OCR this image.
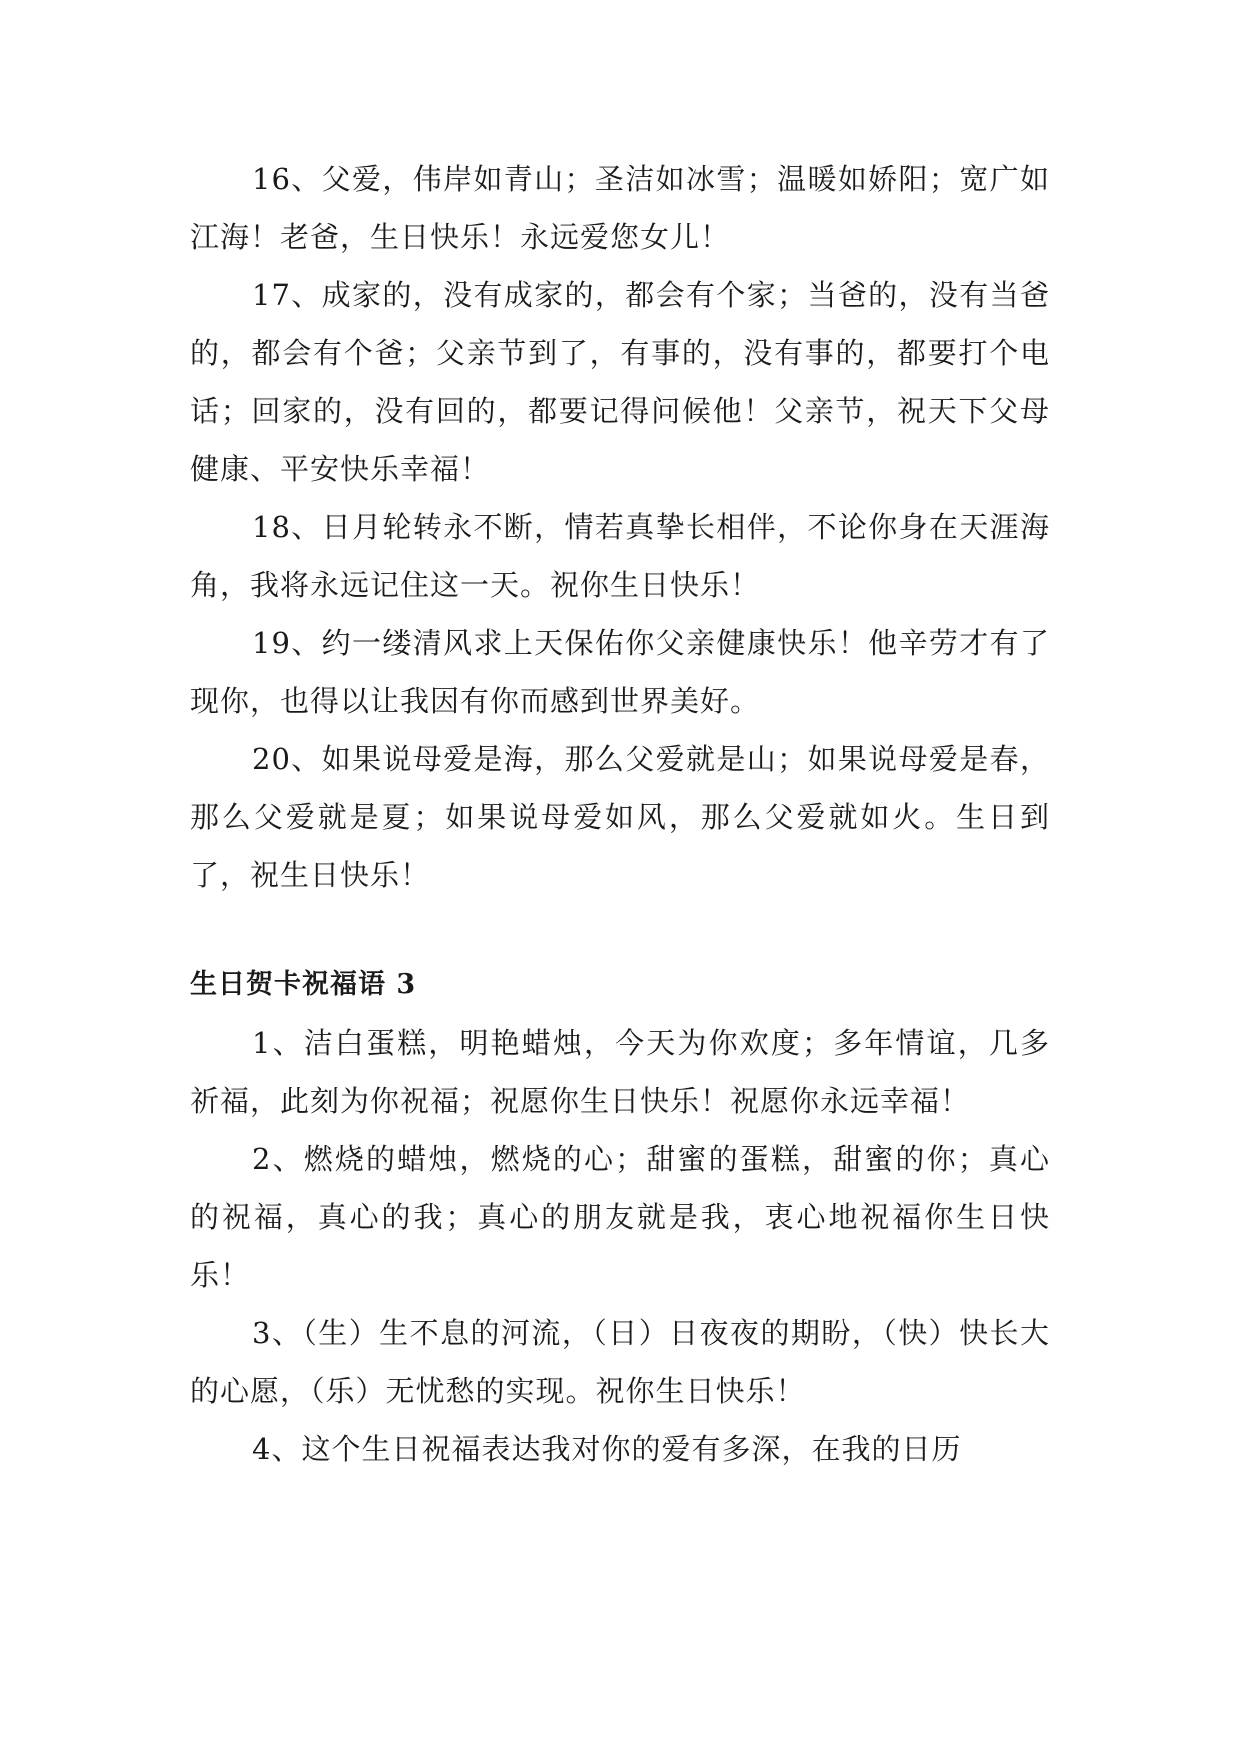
16、父爱，伟岸如青山；圣洁如冰雪；温暖如娇阳；宽广如江海！老爸，生日快乐！永远爱您女儿！

17、成家的，没有成家的，都会有个家；当爸的，没有当爸的，都会有个爸；父亲节到了，有事的，没有事的，都要打个电话；回家的，没有回的，都要记得问候他！父亲节，祝天下父母健康、平安快乐幸福！

18、日月轮转永不断，情若真挚长相伴，不论你身在天涯海角，我将永远记住这一天。祝你生日快乐！

19、约一缕清风求上天保佑你父亲健康快乐！他辛劳才有了现你，也得以让我因有你而感到世界美好。

20、如果说母爱是海，那么父爱就是山；如果说母爱是春，那么父爱就是夏；如果说母爱如风，那么父爱就如火。生日到了，祝生日快乐！

生日贺卡祝福语 3

1、洁白蛋糕，明艳蜡烛，今天为你欢度；多年情谊，几多祈福，此刻为你祝福；祝愿你生日快乐！祝愿你永远幸福！

2、燃烧的蜡烛，燃烧的心；甜蜜的蛋糕，甜蜜的你；真心的祝福，真心的我；真心的朋友就是我，衷心地祝福你生日快乐！

3、（生）生不息的河流，（日）日夜夜的期盼，（快）快长大的心愿，（乐）无忧愁的实现。祝你生日快乐！

4、这个生日祝福表达我对你的爱有多深，在我的日历
